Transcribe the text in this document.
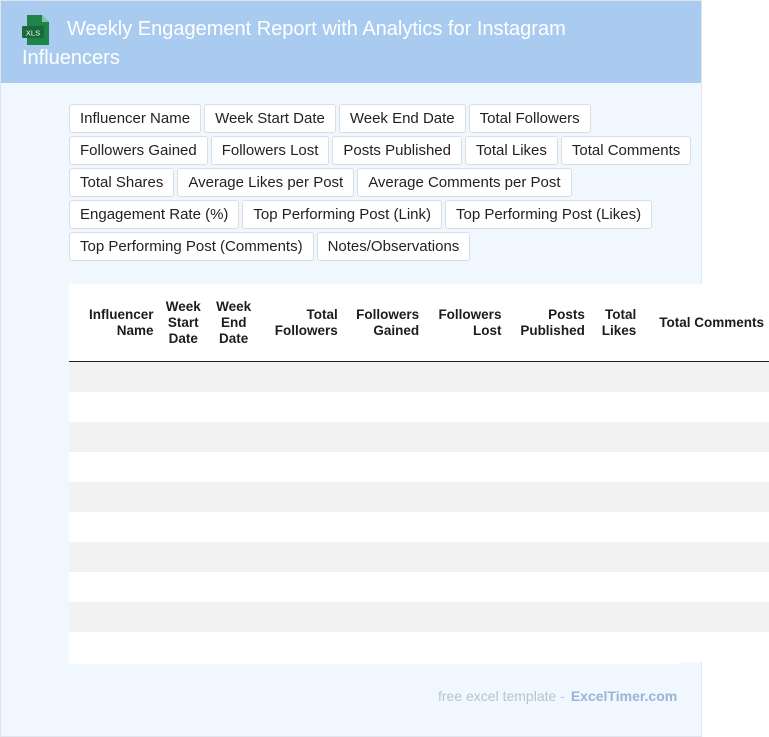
XLS	Weekly Engagement Report with Analytics for Instagram Influencers
Influencer Name	Week Start Date	Week End Date	Total Followers
Followers Gained	Followers Lost	Posts Published	Total Likes	Total Comments
Total Shares	Average Likes per Post	Average Comments per Post
Engagement Rate (%)	Top Performing Post (Link)	Top Performing Post (Likes)
Top Performing Post (Comments)	Notes/Observations
Influencer Name	Week Start Date	Week End Date	Total Followers	Followers Gained	Followers Lost	Posts Published	Total Likes	Total Comments

free excel template - ExcelTimer.com
